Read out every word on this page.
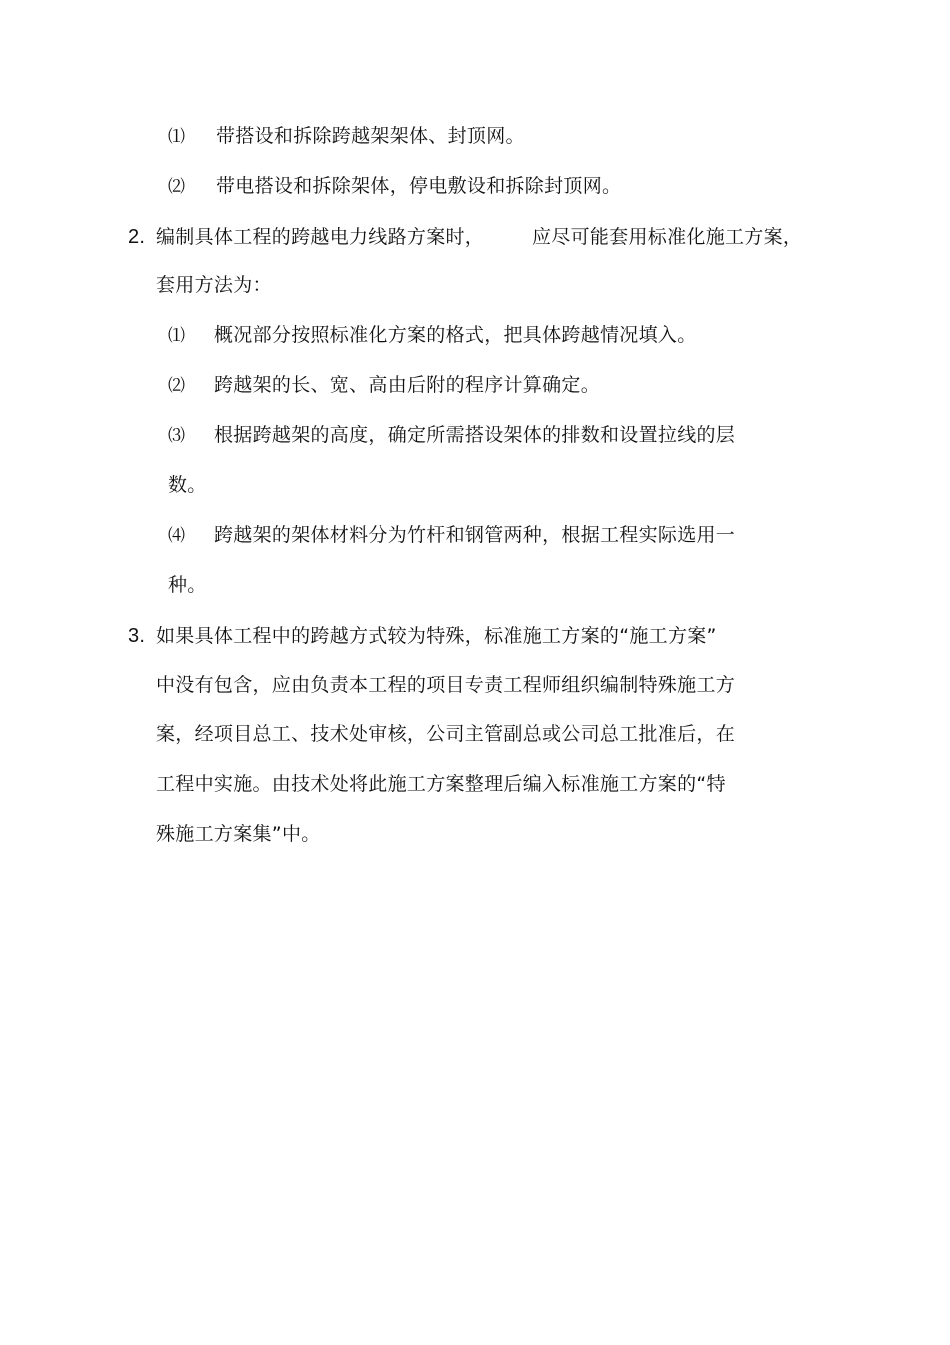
⑴ 带搭设和拆除跨越架架体、封顶网。
⑵ 带电搭设和拆除架体，停电敷设和拆除封顶网。
2. 编制具体工程的跨越电力线路方案时，	应尽可能套用标准化施工方案，
套用方法为：
⑴ 概况部分按照标准化方案的格式，把具体跨越情况填入。
⑵ 跨越架的长、宽、高由后附的程序计算确定。
⑶ 根据跨越架的高度，确定所需搭设架体的排数和设置拉线的层
数。
⑷ 跨越架的架体材料分为竹杆和钢管两种，根据工程实际选用一
种。
3. 如果具体工程中的跨越方式较为特殊，标准施工方案的“施工方案”
中没有包含，应由负责本工程的项目专责工程师组织编制特殊施工方
案，经项目总工、技术处审核，公司主管副总或公司总工批准后，在
工程中实施。由技术处将此施工方案整理后编入标准施工方案的“特
殊施工方案集”中。
